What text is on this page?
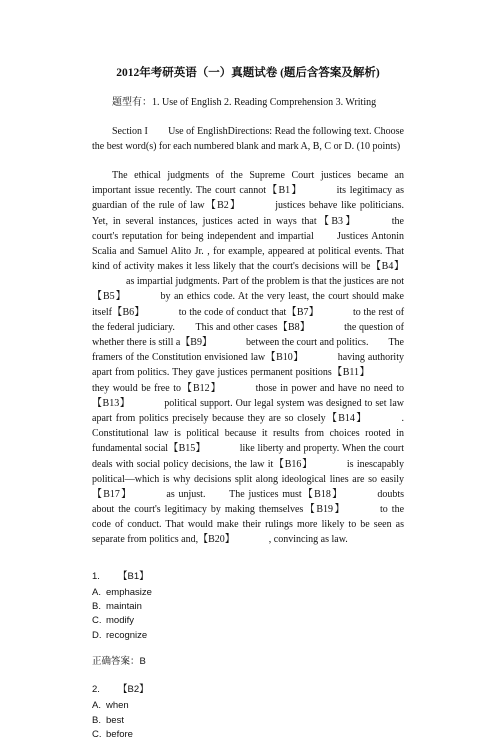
2012年考研英语（一）真题试卷 (题后含答案及解析)
题型有：1. Use of English 2. Reading Comprehension 3. Writing
Section I　　Use of EnglishDirections: Read the following text. Choose the best word(s) for each numbered blank and mark A, B, C or D. (10 points)
The ethical judgments of the Supreme Court justices became an important issue recently. The court cannot【B1】	its legitimacy as guardian of the rule of law【B2】	justices behave like politicians. Yet, in several instances, justices acted in ways that【B3】	the court's reputation for being independent and impartial　　Justices Antonin Scalia and Samuel Alito Jr. , for example, appeared at political events. That kind of activity makes it less likely that the court's decisions will be【B4】as impartial judgments. Part of the problem is that the justices are not【B5】	by an ethics code. At the very least, the court should make itself【B6】	to the code of conduct that【B7】	to the rest of the federal judiciary.　　This and other cases【B8】	the question of whether there is still a【B9】	between the court and politics.　　The framers of the Constitution envisioned law【B10】	having authority apart from politics. They gave justices permanent positions【B11】they would be free to【B12】	those in power and have no need to【B13】	political support. Our legal system was designed to set law apart from politics precisely because they are so closely【B14】	.　　Constitutional law is political because it results from choices rooted in fundamental social【B15】	like liberty and property. When the court deals with social policy decisions, the law it【B16】	is inescapably political—which is why decisions split along ideological lines are so easily【B17】	as unjust.　　The justices must【B18】	doubts about the court's legitimacy by making themselves【B19】	to the code of conduct. That would make their rulings more likely to be seen as separate from politics and,【B20】	, convincing as law.
1. 【B1】
A. emphasize
B. maintain
C. modify
D. recognize
正确答案：B
2. 【B2】
A. when
B. best
C. before
